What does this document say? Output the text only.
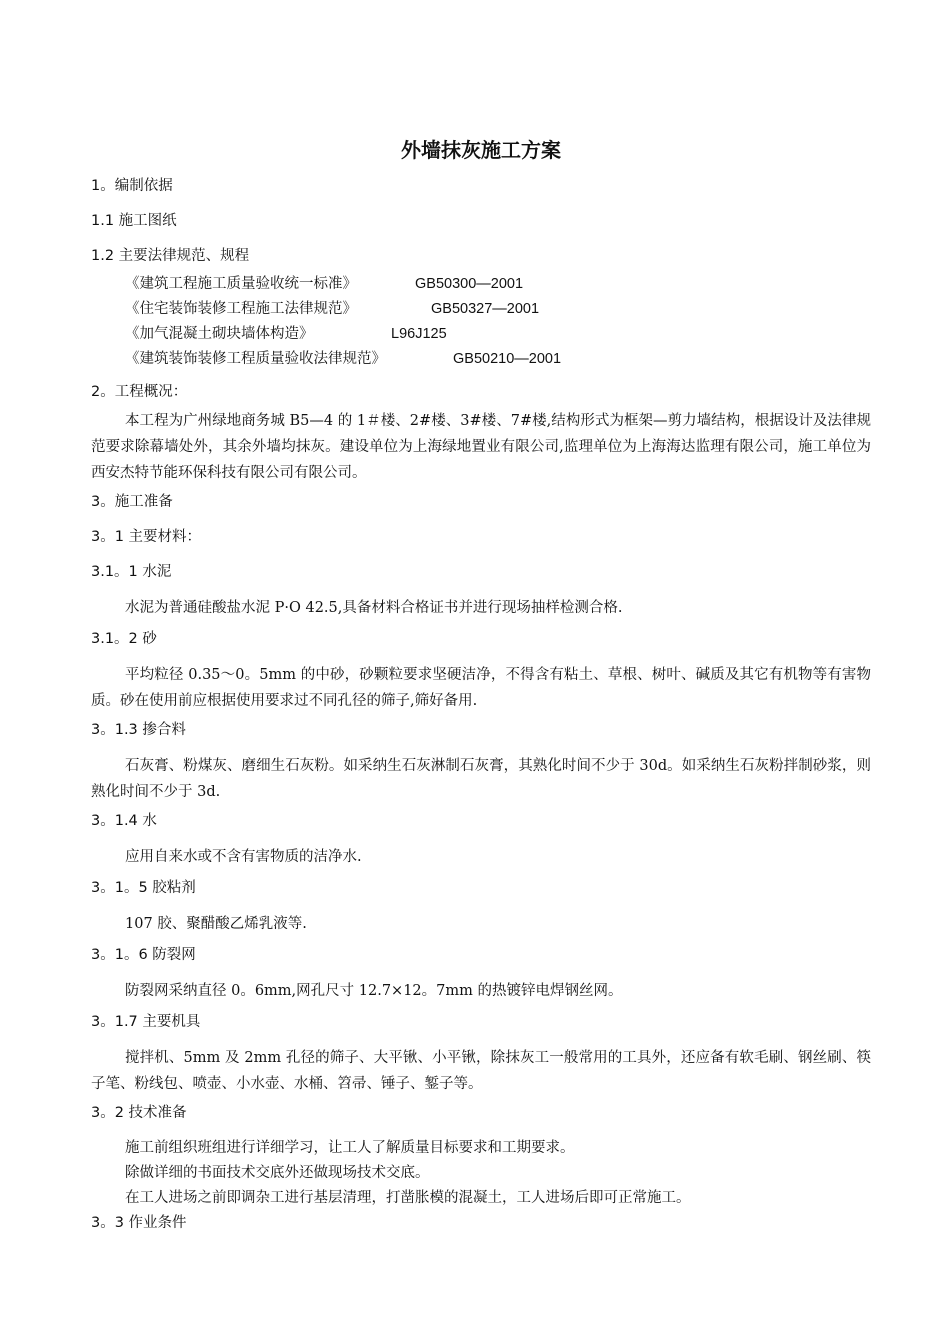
外墙抹灰施工方案
1。编制依据
1.1 施工图纸
1.2 主要法律规范、规程
《建筑工程施工质量验收统一标准》	GB50300—2001
《住宅装饰装修工程施工法律规范》	GB50327—2001
《加气混凝土砌块墙体构造》	L96J125
《建筑装饰装修工程质量验收法律规范》	GB50210—2001
2。工程概况：

本工程为广州绿地商务城 B5—4 的 1＃楼、2#楼、3#楼、7#楼,结构形式为框架—剪力墙结构，根据设计及法律规范要求除幕墙处外，其余外墙均抹灰。建设单位为上海绿地置业有限公司,监理单位为上海海达监理有限公司，施工单位为西安杰特节能环保科技有限公司有限公司。

3。施工准备
3。1 主要材料：
3.1。1 水泥

水泥为普通硅酸盐水泥 P·O 42.5,具备材料合格证书并进行现场抽样检测合格.

3.1。2 砂

平均粒径 0.35～0。5mm 的中砂，砂颗粒要求坚硬洁净，不得含有粘土、草根、树叶、碱质及其它有机物等有害物质。砂在使用前应根据使用要求过不同孔径的筛子,筛好备用.

3。1.3 掺合料

石灰膏、粉煤灰、磨细生石灰粉。如采纳生石灰淋制石灰膏，其熟化时间不少于 30d。如采纳生石灰粉拌制砂浆，则熟化时间不少于 3d.

3。1.4 水

应用自来水或不含有害物质的洁净水.

3。1。5 胶粘剂

107 胶、聚醋酸乙烯乳液等.

3。1。6 防裂网

防裂网采纳直径 0。6mm,网孔尺寸 12.7×12。7mm 的热镀锌电焊钢丝网。

3。1.7 主要机具

搅拌机、5mm 及 2mm 孔径的筛子、大平锹、小平锹，除抹灰工一般常用的工具外，还应备有软毛刷、钢丝刷、筷子笔、粉线包、喷壶、小水壶、水桶、笤帚、锤子、錾子等。

3。2 技术准备

施工前组织班组进行详细学习，让工人了解质量目标要求和工期要求。

除做详细的书面技术交底外还做现场技术交底。

在工人进场之前即调杂工进行基层清理，打凿胀模的混凝土，工人进场后即可正常施工。

3。3 作业条件
